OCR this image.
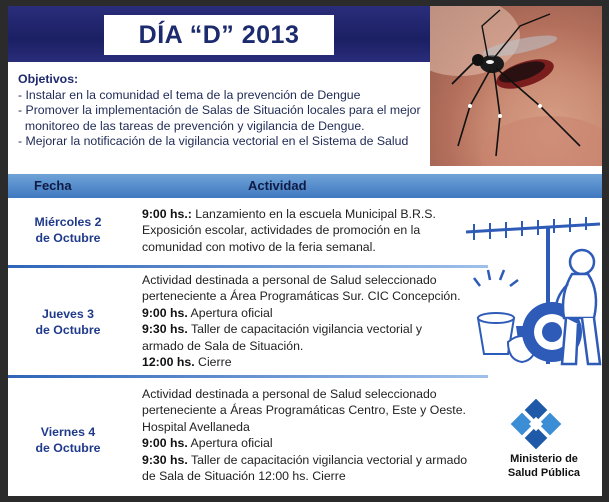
DÍA “D” 2013
Objetivos:
- Instalar en la comunidad el tema de la prevención de Dengue
- Promover la implementación de Salas de Situación locales para el mejor
monitoreo de las tareas de prevención y vigilancia de Dengue.
- Mejorar la notificación de la vigilancia vectorial en el Sistema de Salud
Fecha	Actividad
Miércoles 2
de Octubre
9:00 hs.: Lanzamiento en la escuela Municipal B.R.S.
Exposición escolar, actividades de promoción en la
comunidad con motivo de la feria semanal.
Jueves 3
de Octubre
Actividad destinada a personal de Salud seleccionado
perteneciente a Área Programáticas Sur. CIC Concepción.
9:00 hs. Apertura oficial
9:30 hs. Taller de capacitación vigilancia vectorial y
armado de Sala de Situación.
12:00 hs. Cierre
Viernes 4
de Octubre
Actividad destinada a personal de Salud seleccionado
perteneciente a Áreas Programáticas Centro, Este y Oeste.
Hospital Avellaneda
9:00 hs. Apertura oficial
9:30 hs. Taller de capacitación vigilancia vectorial y armado
de Sala de Situación 12:00 hs. Cierre
Ministerio de
Salud Pública
